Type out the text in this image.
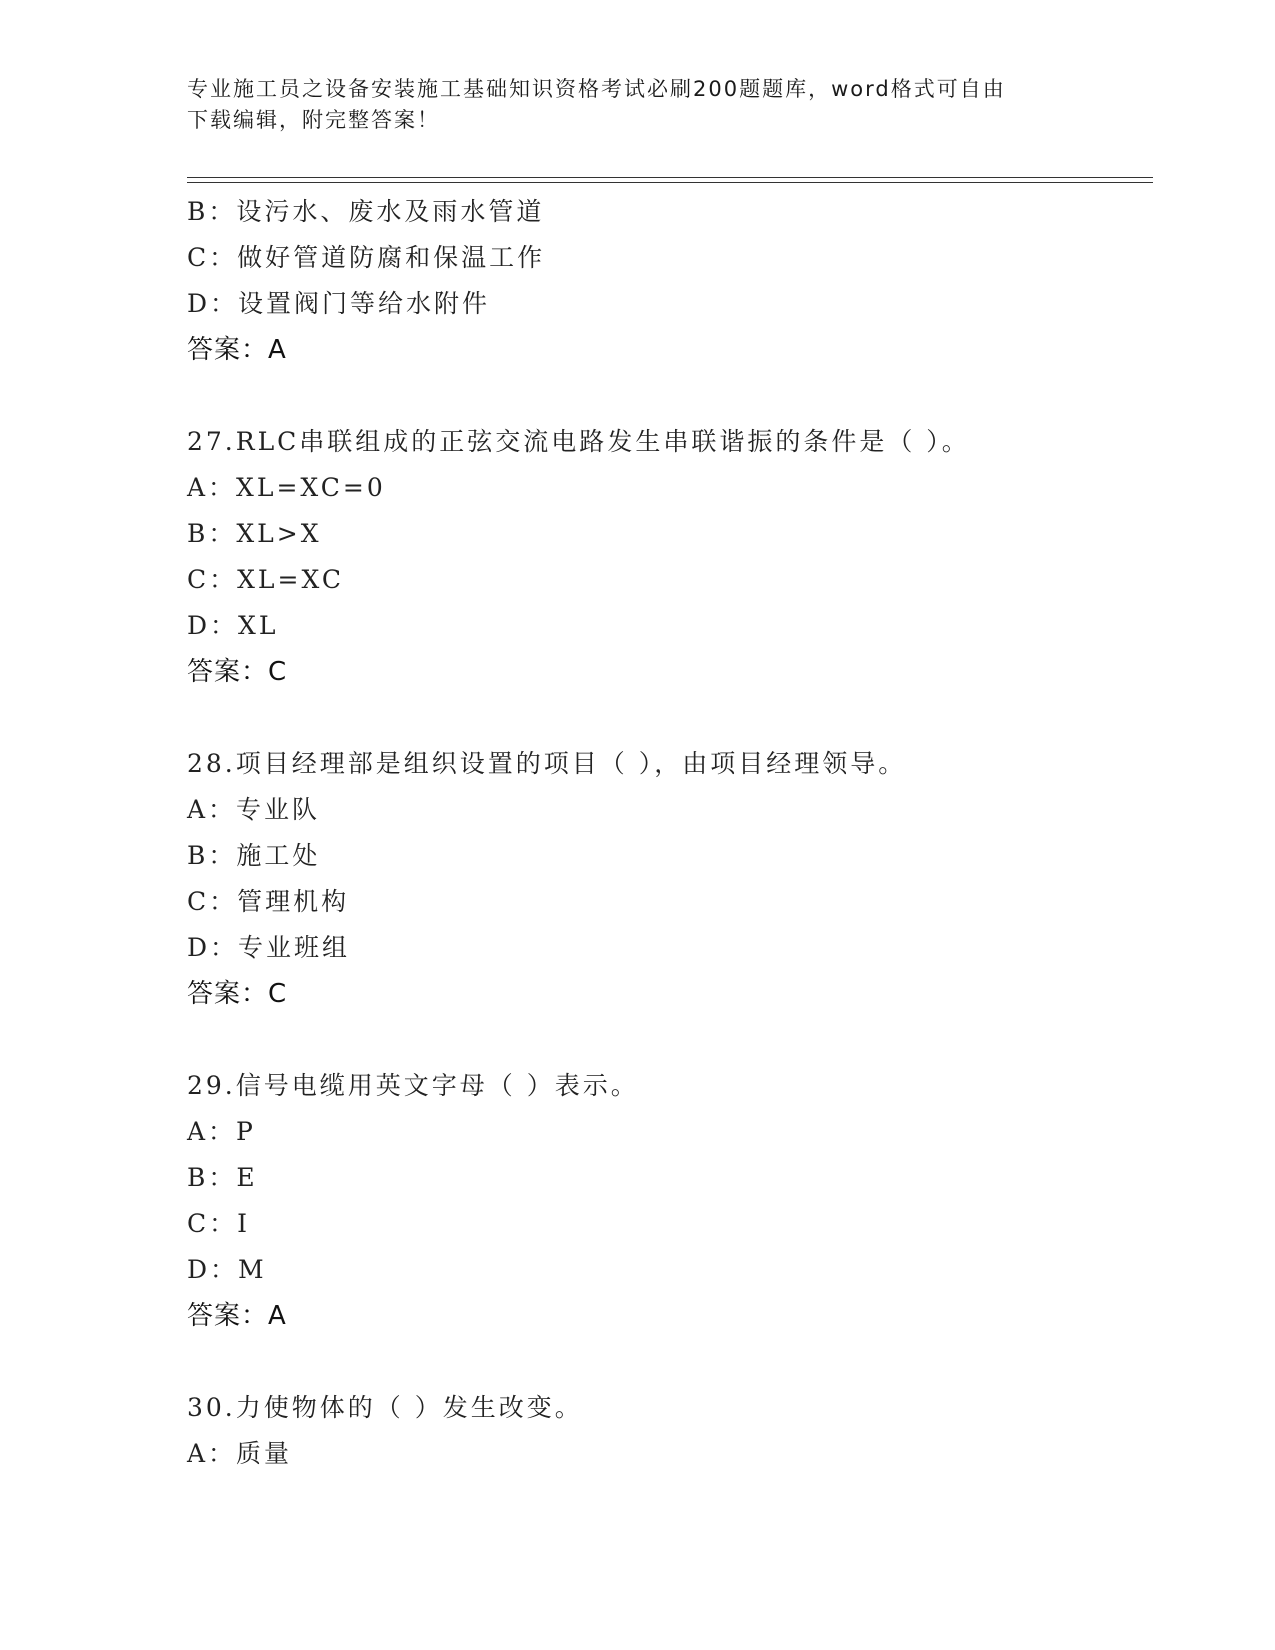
专业施工员之设备安装施工基础知识资格考试必刷200题题库，word格式可自由
下载编辑，附完整答案！
B：设污水、废水及雨水管道
C：做好管道防腐和保温工作
D：设置阀门等给水附件
答案：A
27.RLC串联组成的正弦交流电路发生串联谐振的条件是（ ）。
A：XL=XC=0
B：XL>X
C：XL=XC
D：XL
答案：C
28.项目经理部是组织设置的项目（ ），由项目经理领导。
A：专业队
B：施工处
C：管理机构
D：专业班组
答案：C
29.信号电缆用英文字母（ ）表示。
A：P
B：E
C：I
D：M
答案：A
30.力使物体的（ ）发生改变。
A：质量
